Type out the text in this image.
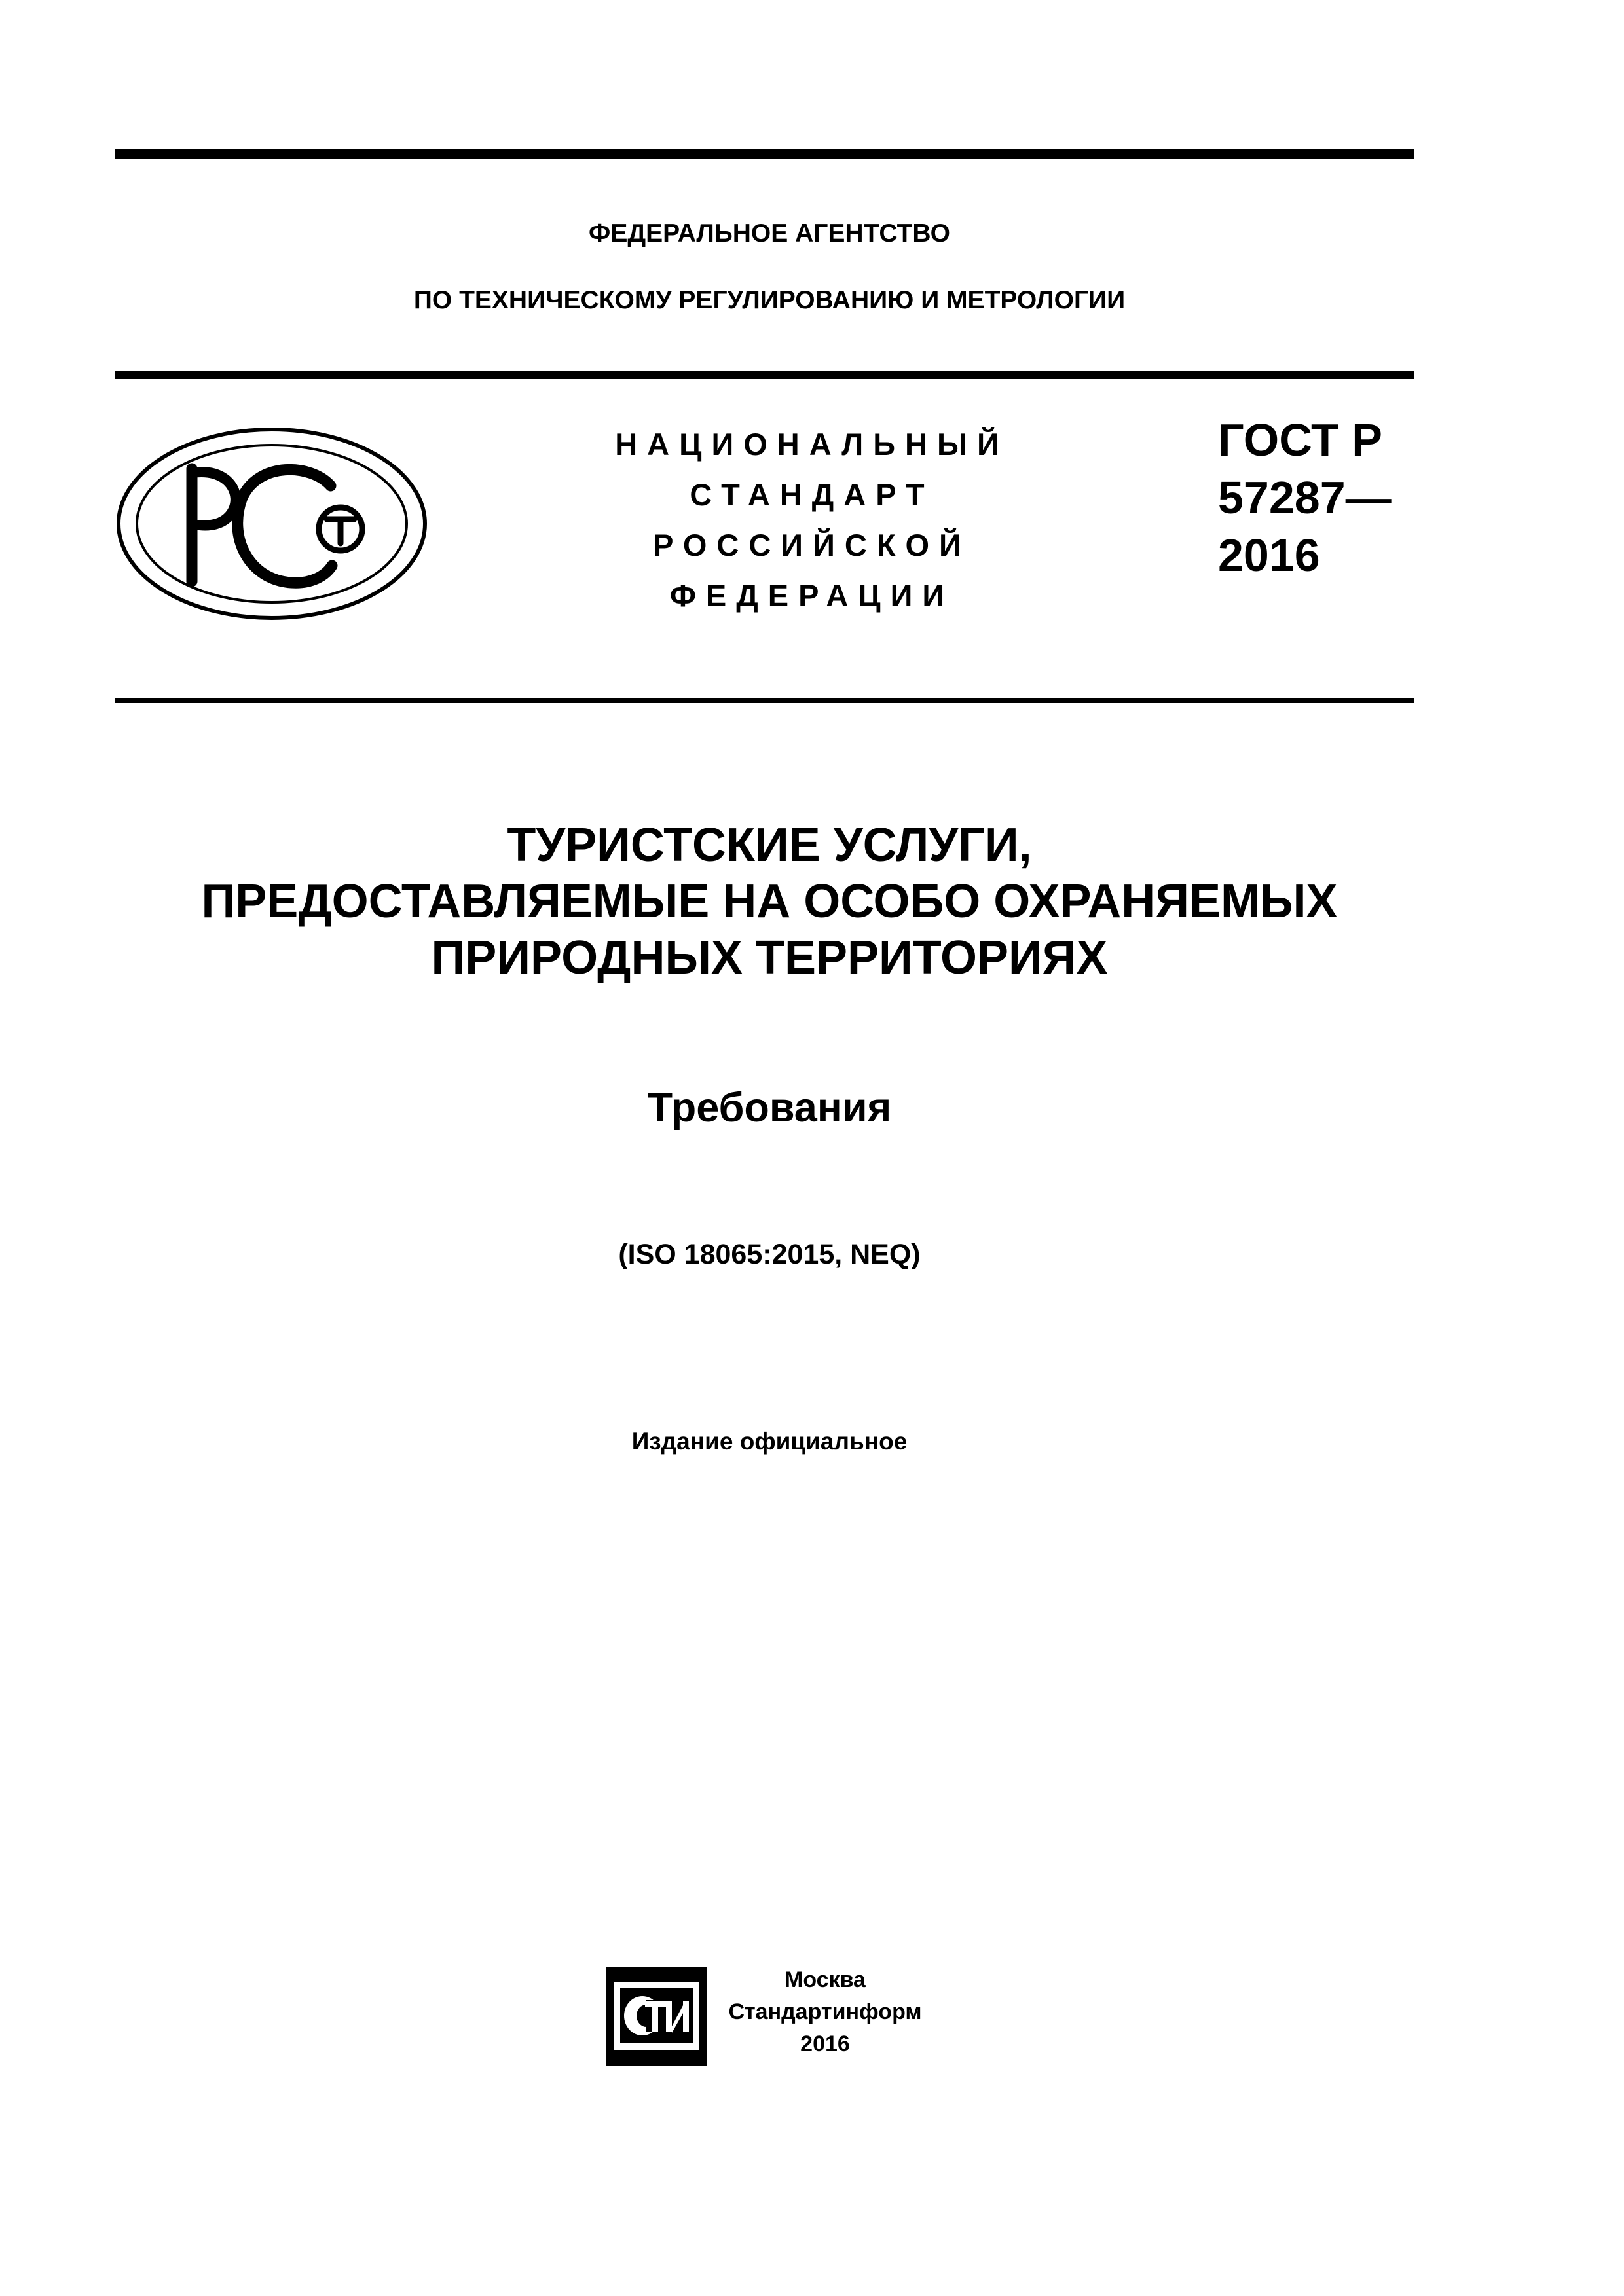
ФЕДЕРАЛЬНОЕ АГЕНТСТВО
ПО ТЕХНИЧЕСКОМУ РЕГУЛИРОВАНИЮ И МЕТРОЛОГИИ
НАЦИОНАЛЬНЫЙ
СТАНДАРТ
РОССИЙСКОЙ
ФЕДЕРАЦИИ
ГОСТ Р
57287—
2016
ТУРИСТСКИЕ УСЛУГИ,
ПРЕДОСТАВЛЯЕМЫЕ НА ОСОБО ОХРАНЯЕМЫХ
ПРИРОДНЫХ ТЕРРИТОРИЯХ
Требования
(ISO 18065:2015, NEQ)
Издание официальное
Москва
Стандартинформ
2016
